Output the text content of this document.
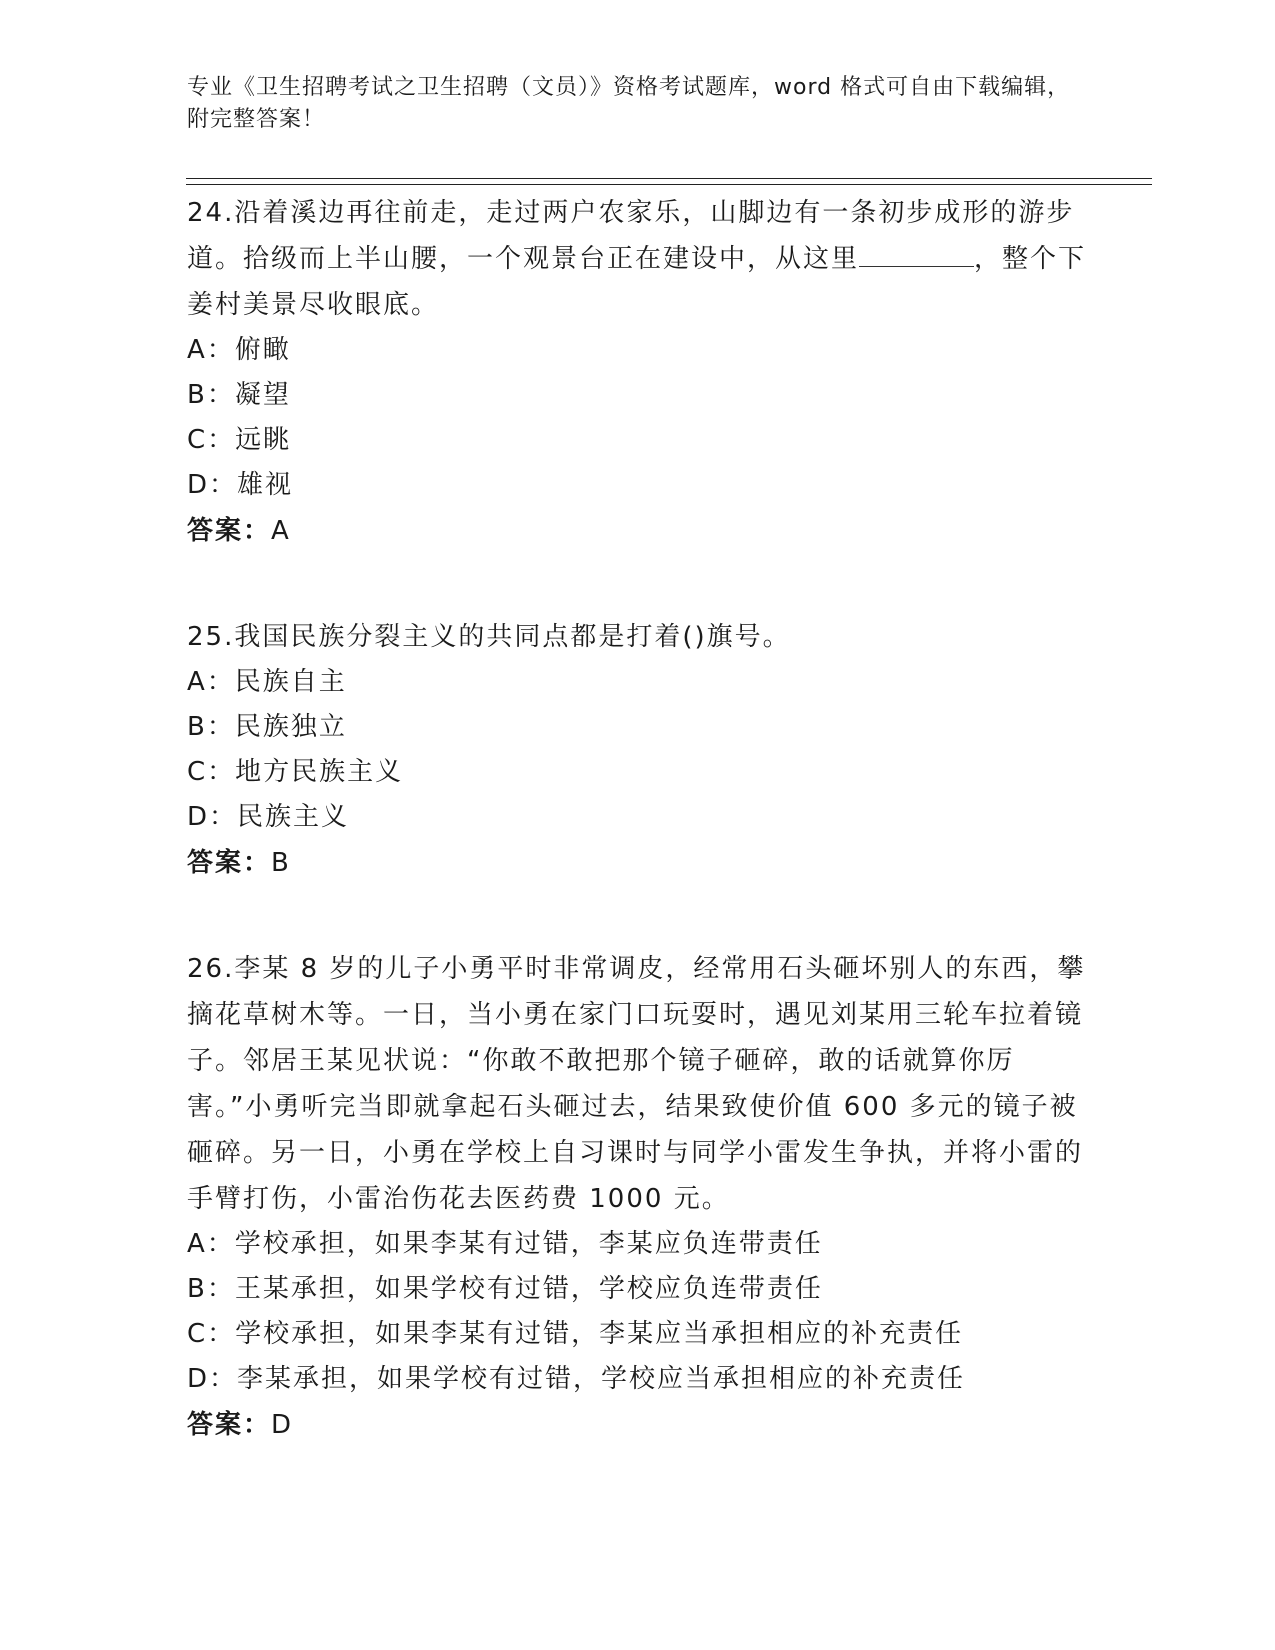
专业《卫生招聘考试之卫生招聘（文员）》资格考试题库，word 格式可自由下载编辑，附完整答案！

24.沿着溪边再往前走，走过两户农家乐，山脚边有一条初步成形的游步道。拾级而上半山腰，一个观景台正在建设中，从这里	，整个下姜村美景尽收眼底。

A：俯瞰

B：凝望

C：远眺

D：雄视

答案：A

25.我国民族分裂主义的共同点都是打着()旗号。

A：民族自主

B：民族独立

C：地方民族主义

D：民族主义

答案：B

26.李某 8 岁的儿子小勇平时非常调皮，经常用石头砸坏别人的东西，攀摘花草树木等。一日，当小勇在家门口玩耍时，遇见刘某用三轮车拉着镜子。邻居王某见状说：“你敢不敢把那个镜子砸碎，敢的话就算你厉害。”小勇听完当即就拿起石头砸过去，结果致使价值 600 多元的镜子被砸碎。另一日，小勇在学校上自习课时与同学小雷发生争执，并将小雷的手臂打伤，小雷治伤花去医药费 1000 元。

A：学校承担，如果李某有过错，李某应负连带责任

B：王某承担，如果学校有过错，学校应负连带责任

C：学校承担，如果李某有过错，李某应当承担相应的补充责任

D：李某承担，如果学校有过错，学校应当承担相应的补充责任

答案：D
